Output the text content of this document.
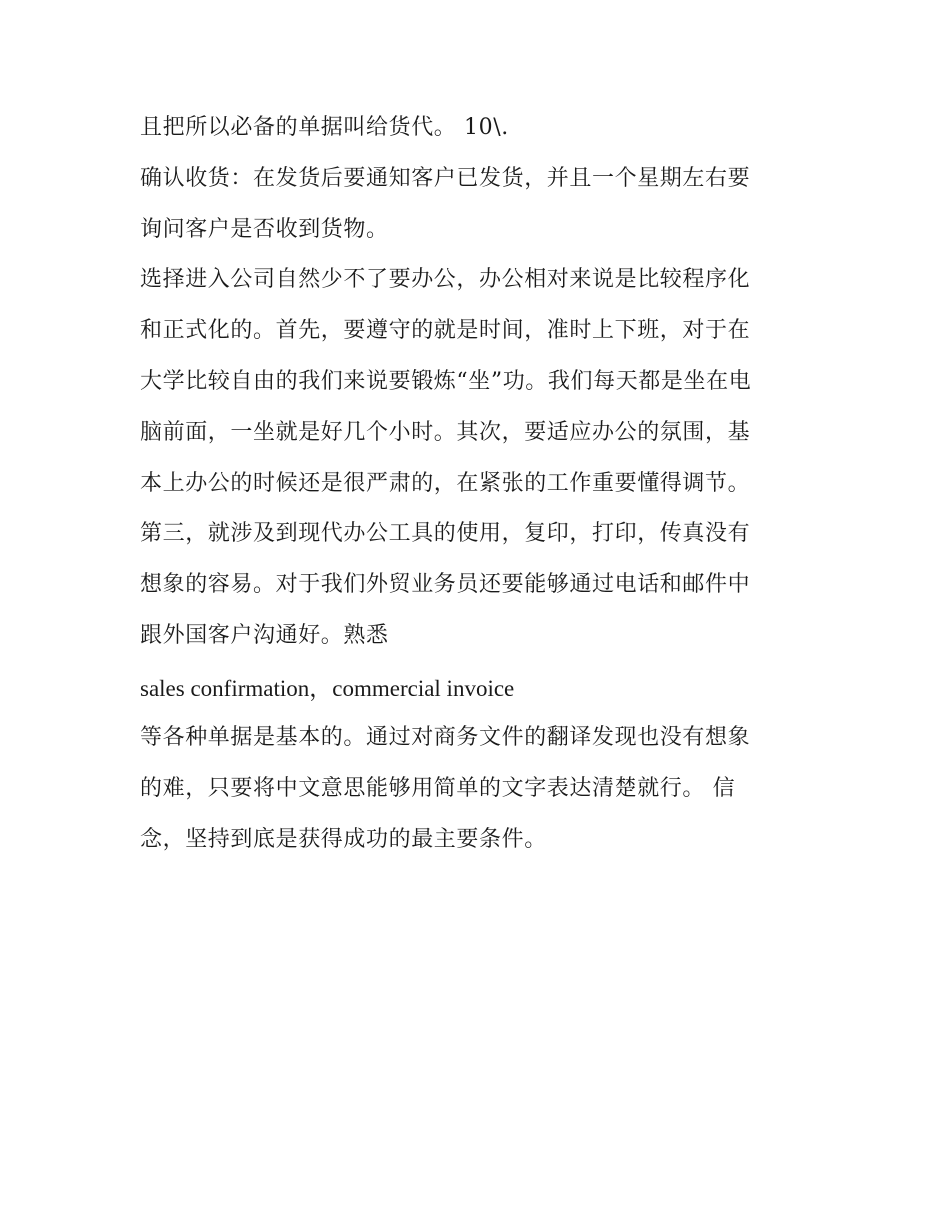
且把所以必备的单据叫给货代。 10\.
确认收货：在发货后要通知客户已发货，并且一个星期左右要
询问客户是否收到货物。
选择进入公司自然少不了要办公，办公相对来说是比较程序化
和正式化的。首先，要遵守的就是时间，准时上下班，对于在
大学比较自由的我们来说要锻炼“坐”功。我们每天都是坐在电
脑前面，一坐就是好几个小时。其次，要适应办公的氛围，基
本上办公的时候还是很严肃的，在紧张的工作重要懂得调节。
第三，就涉及到现代办公工具的使用，复印，打印，传真没有
想象的容易。对于我们外贸业务员还要能够通过电话和邮件中
跟外国客户沟通好。熟悉
sales confirmation，commercial invoice
等各种单据是基本的。通过对商务文件的翻译发现也没有想象
的难，只要将中文意思能够用简单的文字表达清楚就行。 信
念，坚持到底是获得成功的最主要条件。
